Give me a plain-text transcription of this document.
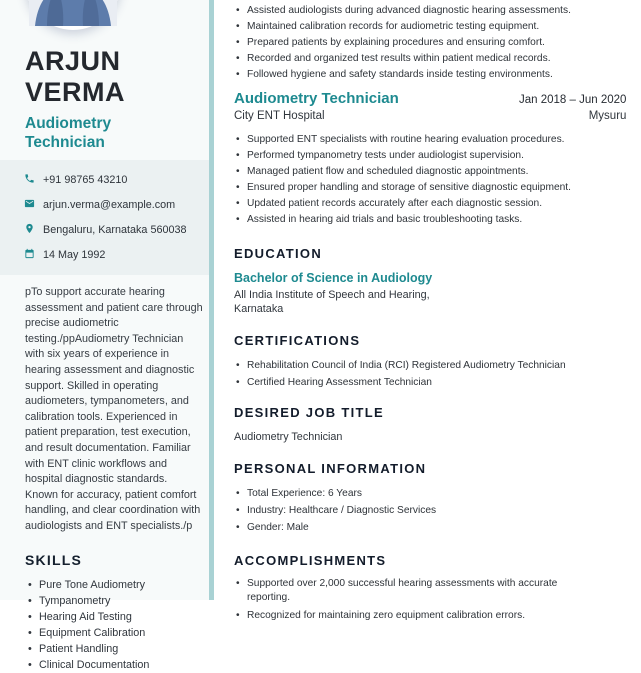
ARJUN VERMA
Audiometry Technician
+91 98765 43210
arjun.verma@example.com
Bengaluru, Karnataka 560038
14 May 1992

pTo support accurate hearing assessment and patient care through precise audiometric testing./ppAudiometry Technician with six years of experience in hearing assessment and diagnostic support. Skilled in operating audiometers, tympanometers, and calibration tools. Experienced in patient preparation, test execution, and result documentation. Familiar with ENT clinic workflows and hospital diagnostic standards. Known for accuracy, patient comfort handling, and clear coordination with audiologists and ENT specialists./p

SKILLS
• Pure Tone Audiometry
• Tympanometry
• Hearing Aid Testing
• Equipment Calibration
• Patient Handling
• Clinical Documentation
•
• Assisted audiologists during advanced diagnostic hearing assessments.
• Maintained calibration records for audiometric testing equipment.
• Prepared patients by explaining procedures and ensuring comfort.
• Recorded and organized test results within patient medical records.
• Followed hygiene and safety standards inside testing environments.
Audiometry Technician	Jan 2018 – Jun 2020
City ENT Hospital	Mysuru
• Supported ENT specialists with routine hearing evaluation procedures.
• Performed tympanometry tests under audiologist supervision.
• Managed patient flow and scheduled diagnostic appointments.
• Ensured proper handling and storage of sensitive diagnostic equipment.
• Updated patient records accurately after each diagnostic session.
• Assisted in hearing aid trials and basic troubleshooting tasks.
EDUCATION
Bachelor of Science in Audiology
All India Institute of Speech and Hearing, Karnataka
CERTIFICATIONS
• Rehabilitation Council of India (RCI) Registered Audiometry Technician
• Certified Hearing Assessment Technician
DESIRED JOB TITLE
Audiometry Technician
PERSONAL INFORMATION
• Total Experience: 6 Years
• Industry: Healthcare / Diagnostic Services
• Gender: Male
ACCOMPLISHMENTS
• Supported over 2,000 successful hearing assessments with accurate reporting.
• Recognized for maintaining zero equipment calibration errors.
